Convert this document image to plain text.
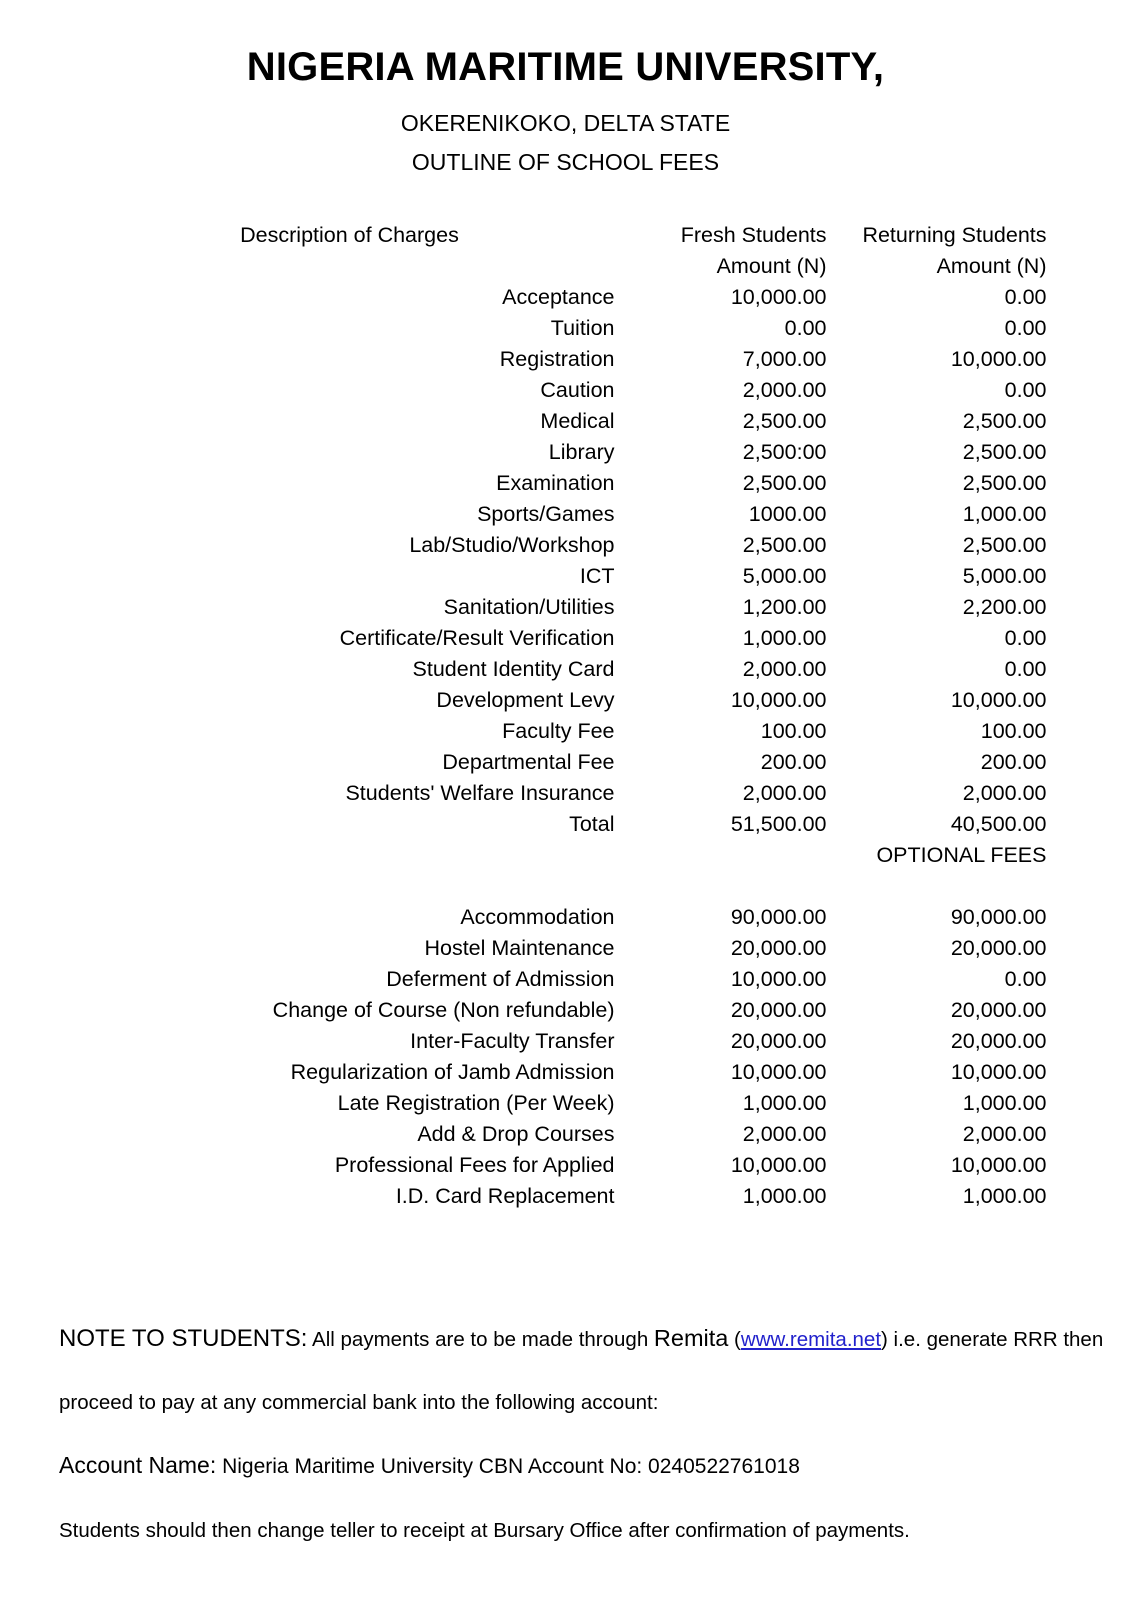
NIGERIA MARITIME UNIVERSITY,
OKERENIKOKO, DELTA STATE
OUTLINE OF SCHOOL FEES
Description of Charges	Fresh Students	Returning Students
	Amount (N)	Amount (N)
Acceptance	10,000.00	0.00
Tuition	0.00	0.00
Registration	7,000.00	10,000.00
Caution	2,000.00	0.00
Medical	2,500.00	2,500.00
Library	2,500:00	2,500.00
Examination	2,500.00	2,500.00
Sports/Games	1000.00	1,000.00
Lab/Studio/Workshop	2,500.00	2,500.00
ICT	5,000.00	5,000.00
Sanitation/Utilities	1,200.00	2,200.00
Certificate/Result Verification	1,000.00	0.00
Student Identity Card	2,000.00	0.00
Development Levy	10,000.00	10,000.00
Faculty Fee	100.00	100.00
Departmental Fee	200.00	200.00
Students' Welfare Insurance	2,000.00	2,000.00
Total	51,500.00	40,500.00
		OPTIONAL FEES

Accommodation	90,000.00	90,000.00
Hostel Maintenance	20,000.00	20,000.00
Deferment of Admission	10,000.00	0.00
Change of Course (Non refundable)	20,000.00	20,000.00
Inter-Faculty Transfer	20,000.00	20,000.00
Regularization of Jamb Admission	10,000.00	10,000.00
Late Registration (Per Week)	1,000.00	1,000.00
Add & Drop Courses	2,000.00	2,000.00
Professional Fees for Applied	10,000.00	10,000.00
I.D. Card Replacement	1,000.00	1,000.00

NOTE TO STUDENTS: All payments are to be made through Remita (www.remita.net) i.e. generate RRR then

proceed to pay at any commercial bank into the following account:

Account Name: Nigeria Maritime University CBN Account No: 0240522761018

Students should then change teller to receipt at Bursary Office after confirmation of payments.
